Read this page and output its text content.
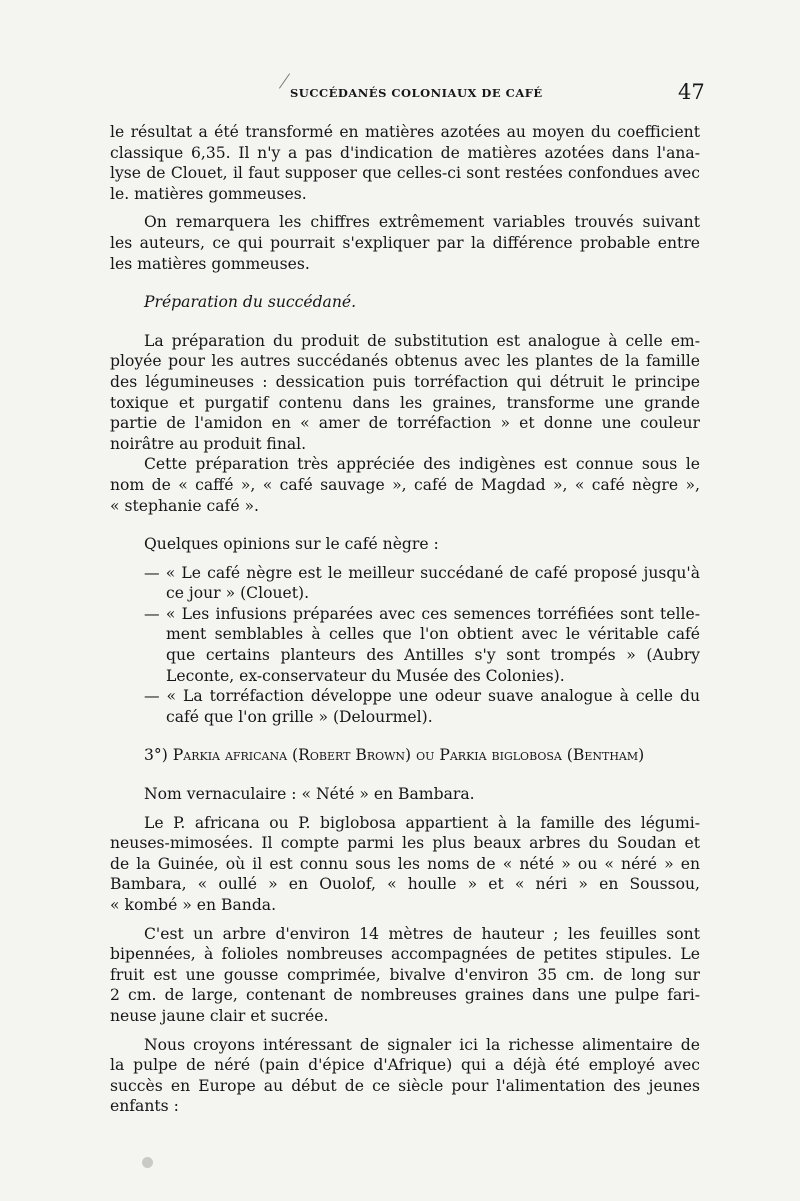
SUCCÉDANÉS COLONIAUX DE CAFÉ	47
le résultat a été transformé en matières azotées au moyen du coefficient
classique 6,35. Il n'y a pas d'indication de matières azotées dans l'ana-
lyse de Clouet, il faut supposer que celles-ci sont restées confondues avec
le. matières gommeuses.
On remarquera les chiffres extrêmement variables trouvés suivant
les auteurs, ce qui pourrait s'expliquer par la différence probable entre
les matières gommeuses.
Préparation du succédané.
La préparation du produit de substitution est analogue à celle em-
ployée pour les autres succédanés obtenus avec les plantes de la famille
des légumineuses : dessication puis torréfaction qui détruit le principe
toxique et purgatif contenu dans les graines, transforme une grande
partie de l'amidon en « amer de torréfaction » et donne une couleur
noirâtre au produit final.
Cette préparation très appréciée des indigènes est connue sous le
nom de « caffé », « café sauvage », café de Magdad », « café nègre »,
« stephanie café ».
Quelques opinions sur le café nègre :
— « Le café nègre est le meilleur succédané de café proposé jusqu'à
ce jour » (Clouet).
— « Les infusions préparées avec ces semences torréfiées sont telle-
ment semblables à celles que l'on obtient avec le véritable café
que certains planteurs des Antilles s'y sont trompés » (Aubry
Leconte, ex-conservateur du Musée des Colonies).
— « La torréfaction développe une odeur suave analogue à celle du
café que l'on grille » (Delourmel).
3°) Parkia africana (Robert Brown) ou Parkia biglobosa (Bentham)
Nom vernaculaire : « Nété » en Bambara.
Le P. africana ou P. biglobosa appartient à la famille des légumi-
neuses-mimosées. Il compte parmi les plus beaux arbres du Soudan et
de la Guinée, où il est connu sous les noms de « nété » ou « néré » en
Bambara, « oullé » en Ouolof, « houlle » et « néri » en Soussou,
« kombé » en Banda.
C'est un arbre d'environ 14 mètres de hauteur ; les feuilles sont
bipennées, à folioles nombreuses accompagnées de petites stipules. Le
fruit est une gousse comprimée, bivalve d'environ 35 cm. de long sur
2 cm. de large, contenant de nombreuses graines dans une pulpe fari-
neuse jaune clair et sucrée.
Nous croyons intéressant de signaler ici la richesse alimentaire de
la pulpe de néré (pain d'épice d'Afrique) qui a déjà été employé avec
succès en Europe au début de ce siècle pour l'alimentation des jeunes
enfants :
